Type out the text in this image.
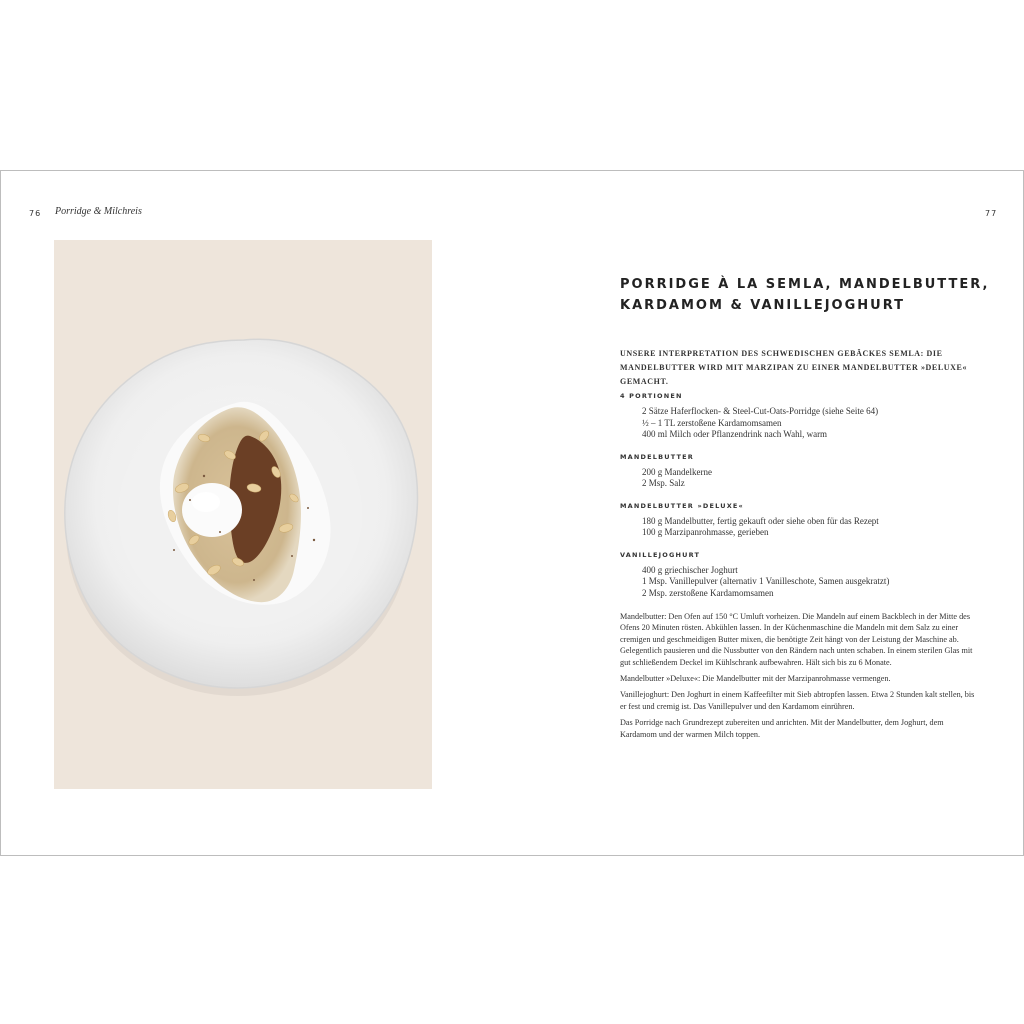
76 Porridge & Milchreis	77
PORRIDGE À LA SEMLA, MANDELBUTTER, KARDAMOM & VANILLEJOGHURT

UNSERE INTERPRETATION DES SCHWEDISCHEN GEBÄCKES SEMLA: DIE MANDELBUTTER WIRD MIT MARZIPAN ZU EINER MANDELBUTTER »DELUXE« GEMACHT.

4 PORTIONEN
2 Sätze Haferflocken- & Steel-Cut-Oats-Porridge (siehe Seite 64)
½ – 1 TL zerstoßene Kardamomsamen
400 ml Milch oder Pflanzendrink nach Wahl, warm
MANDELBUTTER
200 g Mandelkerne
2 Msp. Salz
MANDELBUTTER »DELUXE«
180 g Mandelbutter, fertig gekauft oder siehe oben für das Rezept
100 g Marzipanrohmasse, gerieben
VANILLEJOGHURT
400 g griechischer Joghurt
1 Msp. Vanillepulver (alternativ 1 Vanilleschote, Samen ausgekratzt)
2 Msp. zerstoßene Kardamomsamen

Mandelbutter: Den Ofen auf 150 °C Umluft vorheizen. Die Mandeln auf einem Backblech in der Mitte des Ofens 20 Minuten rösten. Abkühlen lassen. In der Küchenmaschine die Mandeln mit dem Salz zu einer cremigen und geschmeidigen Butter mixen, die benötigte Zeit hängt von der Leistung der Maschine ab. Gelegentlich pausieren und die Nussbutter von den Rändern nach unten schaben. In einem sterilen Glas mit gut schließendem Deckel im Kühlschrank aufbewahren. Hält sich bis zu 6 Monate.

Mandelbutter »Deluxe«: Die Mandelbutter mit der Marzipanrohmasse vermengen.

Vanillejoghurt: Den Joghurt in einem Kaffeefilter mit Sieb abtropfen lassen. Etwa 2 Stunden kalt stellen, bis er fest und cremig ist. Das Vanillepulver und den Kardamom einrühren.

Das Porridge nach Grundrezept zubereiten und anrichten. Mit der Mandelbutter, dem Joghurt, dem Kardamom und der warmen Milch toppen.
